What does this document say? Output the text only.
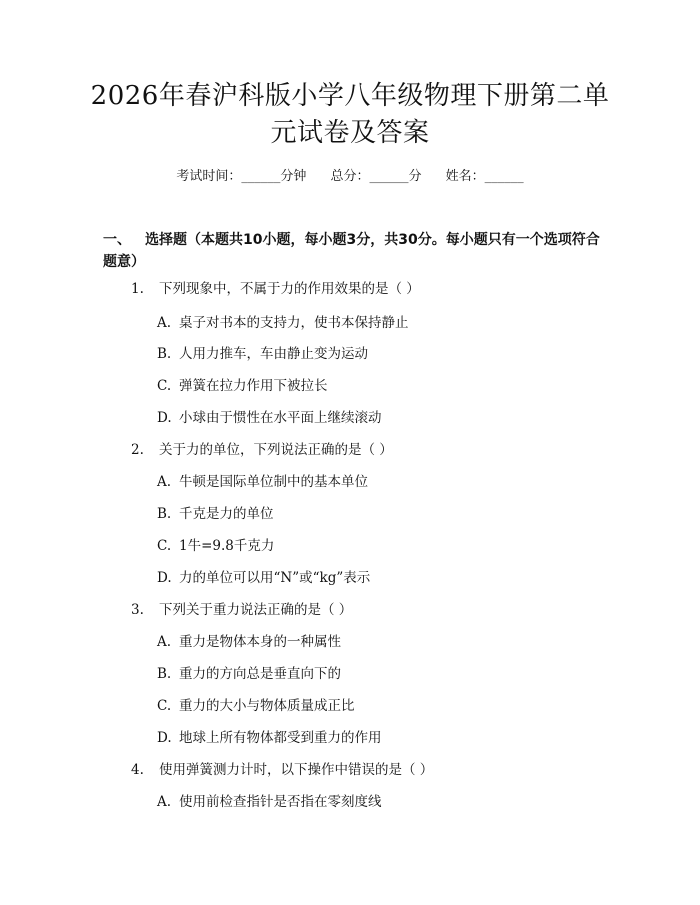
2026年春沪科版小学八年级物理下册第二单元试卷及答案
考试时间：______分钟 总分：______分 姓名：______
一、 选择题（本题共10小题，每小题3分，共30分。每小题只有一个选项符合题意）
1. 下列现象中，不属于力的作用效果的是（ ）
A. 桌子对书本的支持力，使书本保持静止
B. 人用力推车，车由静止变为运动
C. 弹簧在拉力作用下被拉长
D. 小球由于惯性在水平面上继续滚动
2. 关于力的单位，下列说法正确的是（ ）
A. 牛顿是国际单位制中的基本单位
B. 千克是力的单位
C. 1牛=9.8千克力
D. 力的单位可以用“N”或“kg”表示
3. 下列关于重力说法正确的是（ ）
A. 重力是物体本身的一种属性
B. 重力的方向总是垂直向下的
C. 重力的大小与物体质量成正比
D. 地球上所有物体都受到重力的作用
4. 使用弹簧测力计时，以下操作中错误的是（ ）
A. 使用前检查指针是否指在零刻度线
